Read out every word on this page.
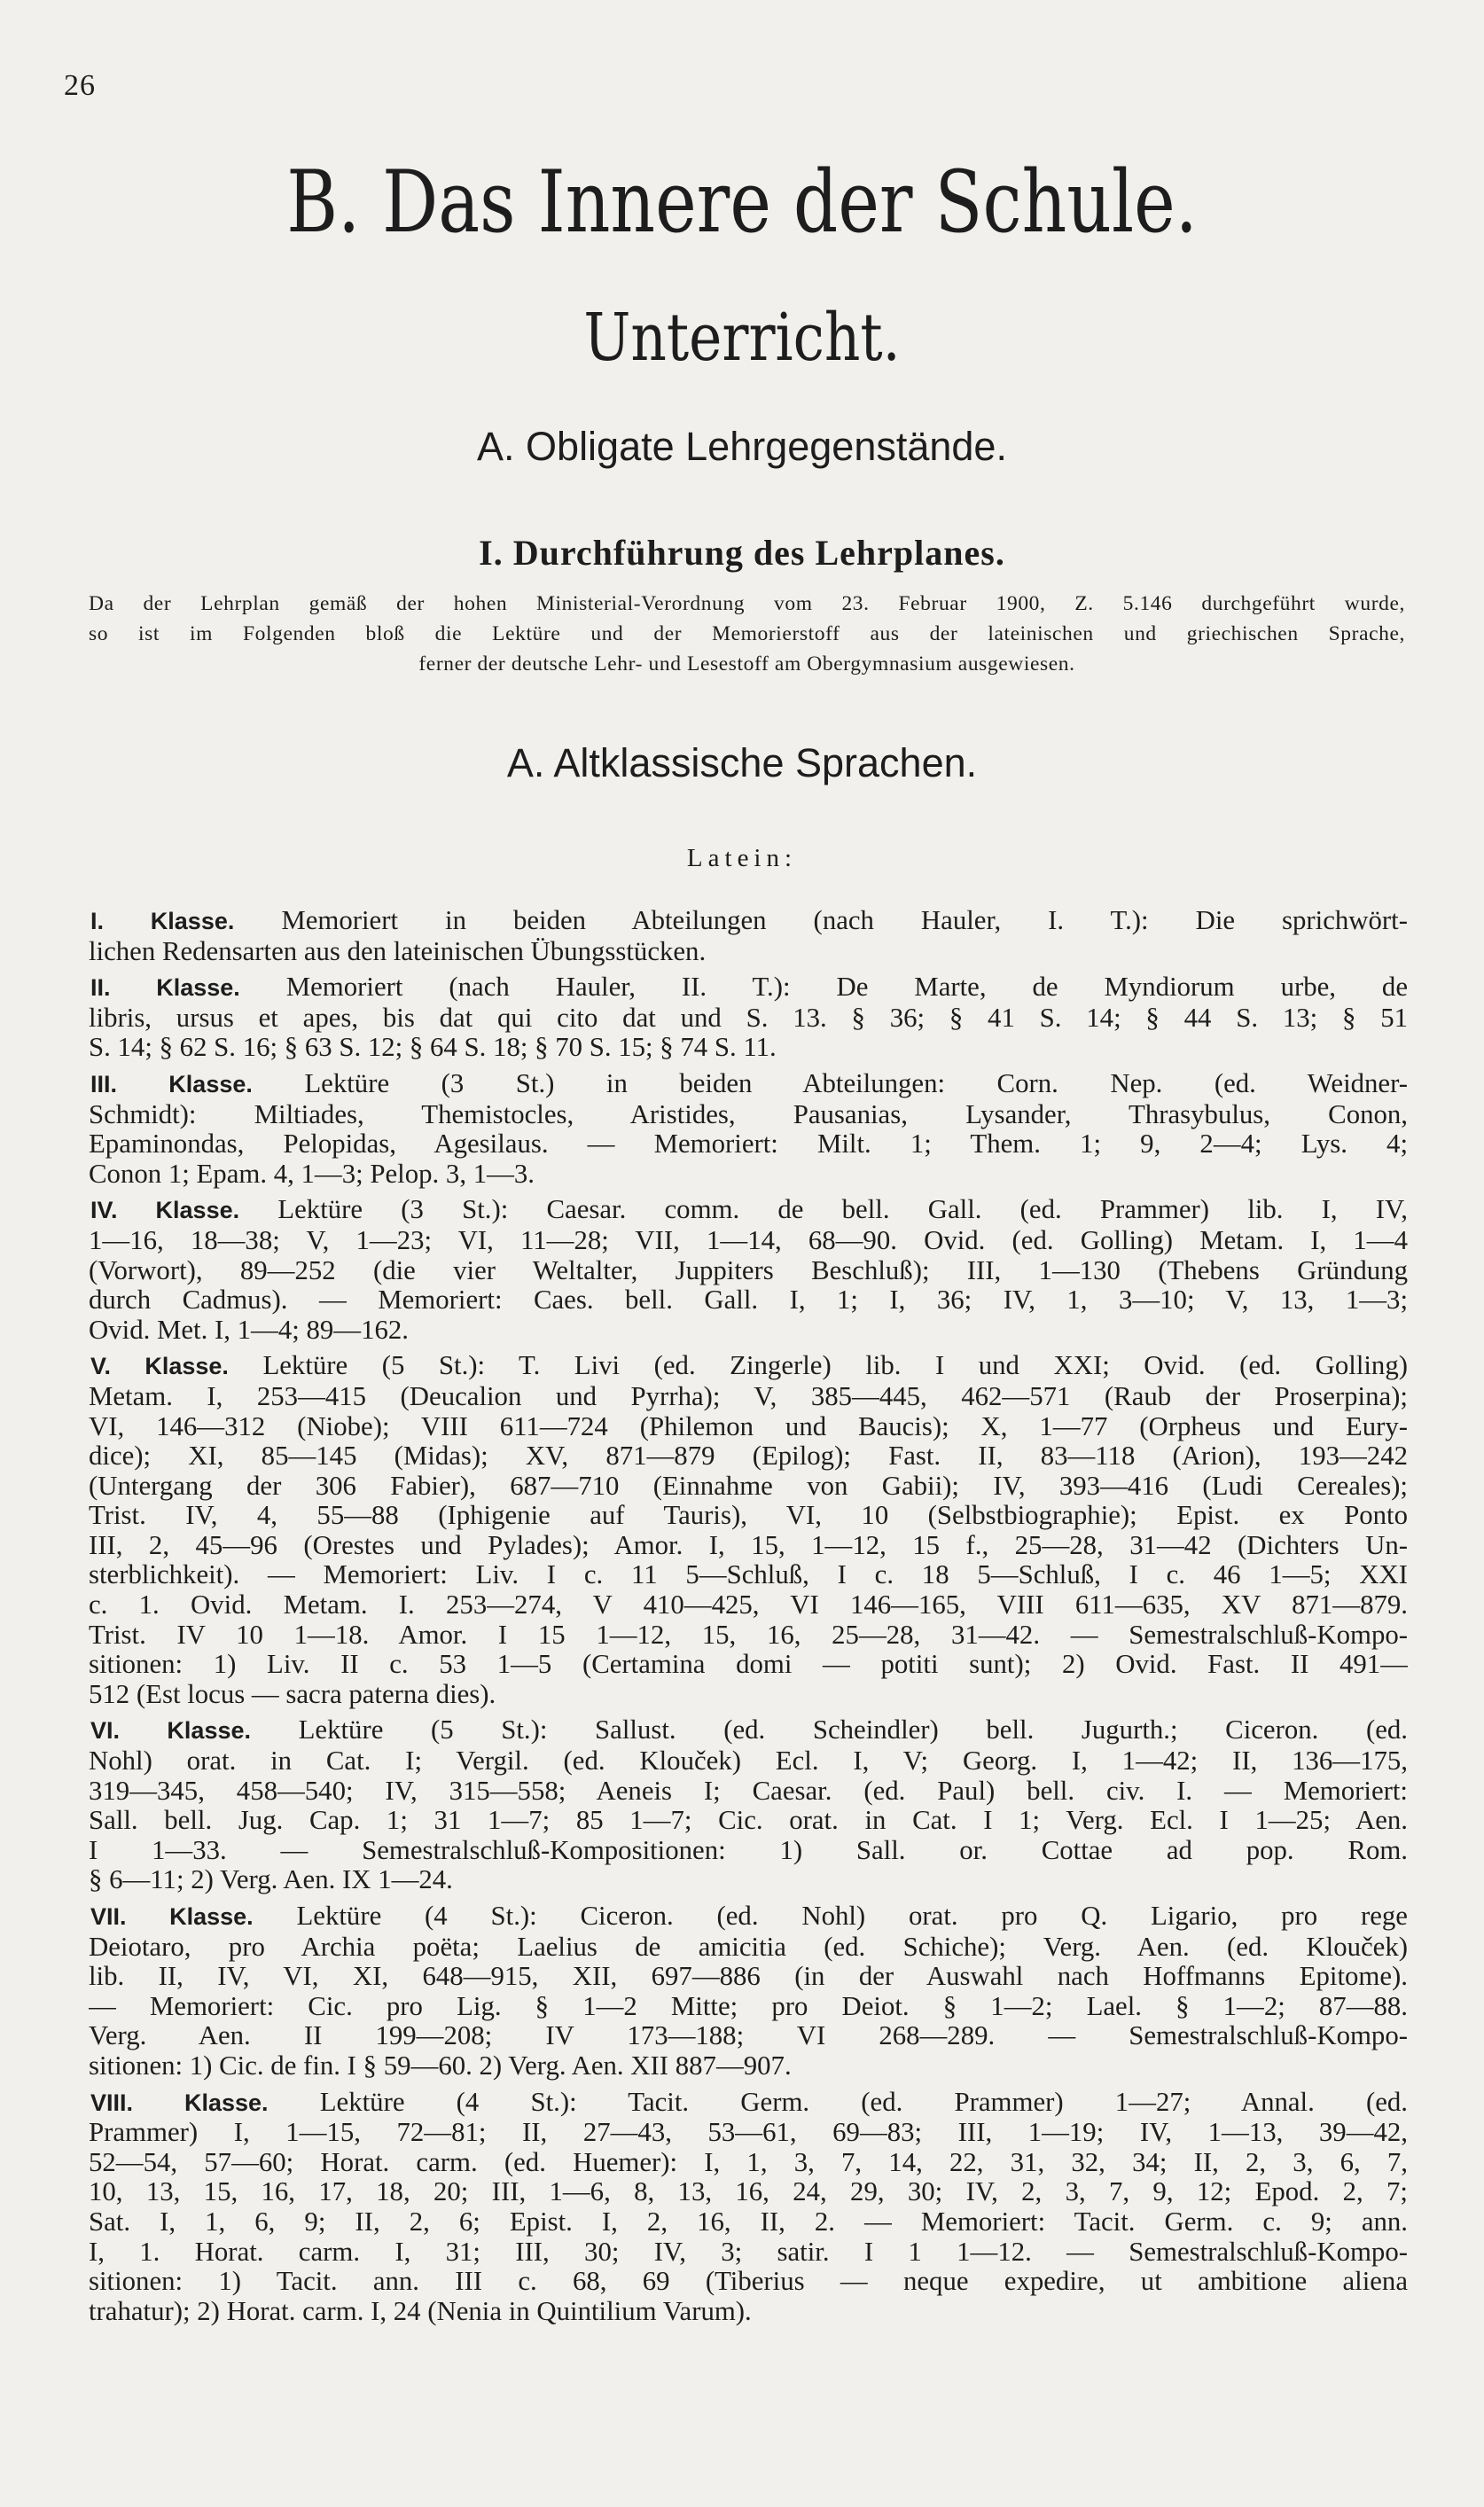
26
B. Das Innere der Schule.
Unterricht.
A. Obligate Lehrgegenstände.
I. Durchführung des Lehrplanes.
Da der Lehrplan gemäß der hohen Ministerial-Verordnung vom 23. Februar 1900, Z. 5.146 durchgeführt wurde,
so ist im Folgenden bloß die Lektüre und der Memorierstoff aus der lateinischen und griechischen Sprache,
ferner der deutsche Lehr- und Lesestoff am Obergymnasium ausgewiesen.
A. Altklassische Sprachen.
Latein:
I. Klasse. Memoriert in beiden Abteilungen (nach Hauler, I. T.): Die sprichwört-
lichen Redensarten aus den lateinischen Übungsstücken.
II. Klasse. Memoriert (nach Hauler, II. T.): De Marte, de Myndiorum urbe, de
libris, ursus et apes, bis dat qui cito dat und S. 13. § 36; § 41 S. 14; § 44 S. 13; § 51
S. 14; § 62 S. 16; § 63 S. 12; § 64 S. 18; § 70 S. 15; § 74 S. 11.
III. Klasse. Lektüre (3 St.) in beiden Abteilungen: Corn. Nep. (ed. Weidner-
Schmidt): Miltiades, Themistocles, Aristides, Pausanias, Lysander, Thrasybulus, Conon,
Epaminondas, Pelopidas, Agesilaus. — Memoriert: Milt. 1; Them. 1; 9, 2—4; Lys. 4;
Conon 1; Epam. 4, 1—3; Pelop. 3, 1—3.
IV. Klasse. Lektüre (3 St.): Caesar. comm. de bell. Gall. (ed. Prammer) lib. I, IV,
1—16, 18—38; V, 1—23; VI, 11—28; VII, 1—14, 68—90. Ovid. (ed. Golling) Metam. I, 1—4
(Vorwort), 89—252 (die vier Weltalter, Juppiters Beschluß); III, 1—130 (Thebens Gründung
durch Cadmus). — Memoriert: Caes. bell. Gall. I, 1; I, 36; IV, 1, 3—10; V, 13, 1—3;
Ovid. Met. I, 1—4; 89—162.
V. Klasse. Lektüre (5 St.): T. Livi (ed. Zingerle) lib. I und XXI; Ovid. (ed. Golling)
Metam. I, 253—415 (Deucalion und Pyrrha); V, 385—445, 462—571 (Raub der Proserpina);
VI, 146—312 (Niobe); VIII 611—724 (Philemon und Baucis); X, 1—77 (Orpheus und Eury-
dice); XI, 85—145 (Midas); XV, 871—879 (Epilog); Fast. II, 83—118 (Arion), 193—242
(Untergang der 306 Fabier), 687—710 (Einnahme von Gabii); IV, 393—416 (Ludi Cereales);
Trist. IV, 4, 55—88 (Iphigenie auf Tauris), VI, 10 (Selbstbiographie); Epist. ex Ponto
III, 2, 45—96 (Orestes und Pylades); Amor. I, 15, 1—12, 15 f., 25—28, 31—42 (Dichters Un-
sterblichkeit). — Memoriert: Liv. I c. 11 5—Schluß, I c. 18 5—Schluß, I c. 46 1—5; XXI
c. 1. Ovid. Metam. I. 253—274, V 410—425, VI 146—165, VIII 611—635, XV 871—879.
Trist. IV 10 1—18. Amor. I 15 1—12, 15, 16, 25—28, 31—42. — Semestralschluß-Kompo-
sitionen: 1) Liv. II c. 53 1—5 (Certamina domi — potiti sunt); 2) Ovid. Fast. II 491—
512 (Est locus — sacra paterna dies).
VI. Klasse. Lektüre (5 St.): Sallust. (ed. Scheindler) bell. Jugurth.; Ciceron. (ed.
Nohl) orat. in Cat. I; Vergil. (ed. Klouček) Ecl. I, V; Georg. I, 1—42; II, 136—175,
319—345, 458—540; IV, 315—558; Aeneis I; Caesar. (ed. Paul) bell. civ. I. — Memoriert:
Sall. bell. Jug. Cap. 1; 31 1—7; 85 1—7; Cic. orat. in Cat. I 1; Verg. Ecl. I 1—25; Aen.
I 1—33. — Semestralschluß-Kompositionen: 1) Sall. or. Cottae ad pop. Rom.
§ 6—11; 2) Verg. Aen. IX 1—24.
VII. Klasse. Lektüre (4 St.): Ciceron. (ed. Nohl) orat. pro Q. Ligario, pro rege
Deiotaro, pro Archia poëta; Laelius de amicitia (ed. Schiche); Verg. Aen. (ed. Klouček)
lib. II, IV, VI, XI, 648—915, XII, 697—886 (in der Auswahl nach Hoffmanns Epitome).
— Memoriert: Cic. pro Lig. § 1—2 Mitte; pro Deiot. § 1—2; Lael. § 1—2; 87—88.
Verg. Aen. II 199—208; IV 173—188; VI 268—289. — Semestralschluß-Kompo-
sitionen: 1) Cic. de fin. I § 59—60. 2) Verg. Aen. XII 887—907.
VIII. Klasse. Lektüre (4 St.): Tacit. Germ. (ed. Prammer) 1—27; Annal. (ed.
Prammer) I, 1—15, 72—81; II, 27—43, 53—61, 69—83; III, 1—19; IV, 1—13, 39—42,
52—54, 57—60; Horat. carm. (ed. Huemer): I, 1, 3, 7, 14, 22, 31, 32, 34; II, 2, 3, 6, 7,
10, 13, 15, 16, 17, 18, 20; III, 1—6, 8, 13, 16, 24, 29, 30; IV, 2, 3, 7, 9, 12; Epod. 2, 7;
Sat. I, 1, 6, 9; II, 2, 6; Epist. I, 2, 16, II, 2. — Memoriert: Tacit. Germ. c. 9; ann.
I, 1. Horat. carm. I, 31; III, 30; IV, 3; satir. I 1 1—12. — Semestralschluß-Kompo-
sitionen: 1) Tacit. ann. III c. 68, 69 (Tiberius — neque expedire, ut ambitione aliena
trahatur); 2) Horat. carm. I, 24 (Nenia in Quintilium Varum).
